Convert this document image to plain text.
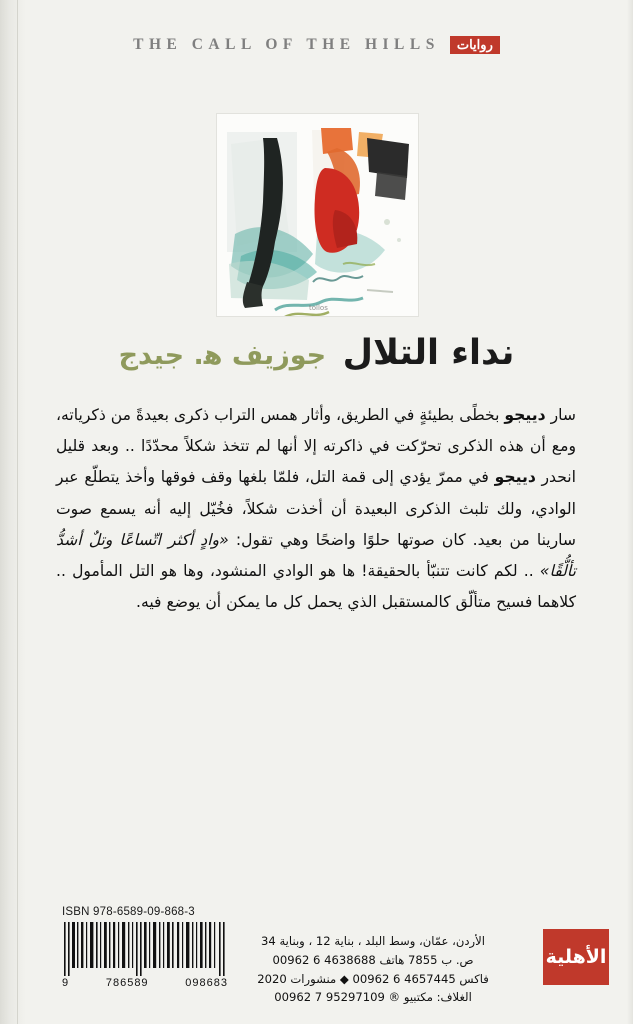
THE CALL OF THE HILLS	روايات
tollos
نداء التلال جوزيف ﻫ. جيدج
سار دييجو بخطًى بطيئةٍ في الطريق، وأثار همس التراب ذكرى بعيدةً من ذكرياته، ومع أن هذه الذكرى تحرّكت في ذاكرته إلا أنها لم تتخذ شكلاً محدّدًا .. وبعد قليل انحدر دييجو في ممرّ يؤدي إلى قمة التل، فلمّا بلغها وقف فوقها وأخذ يتطلّع عبر الوادي، ولك تلبث الذكرى البعيدة أن أخذت شكلاً، فخُيّل إليه أنه يسمع صوت سارينا من بعيد. كان صوتها حلوًا واضحًا وهي تقول: «وادٍ أكثر اتّساعًا وتلٌ أشدُّ تألُّقًا» .. لكم كانت تتنبّأ بالحقيقة! ها هو الوادي المنشود، وها هو التل المأمول .. كلاهما فسيح متألّق كالمستقبل الذي يحمل كل ما يمكن أن يوضع فيه.
ISBN 978-6589-09-868-3
9	786589	098683
الأردن، عمّان، وسط البلد ، بناية 12 ، وبناية 34
ص. ب 7855 هاتف 4638688 6 00962
فاكس 4657445 6 00962 ◆ منشورات 2020
الغلاف: ﻣﻜﺘﺒﻴﻮ ® 95297109 7 00962
الأهلية
